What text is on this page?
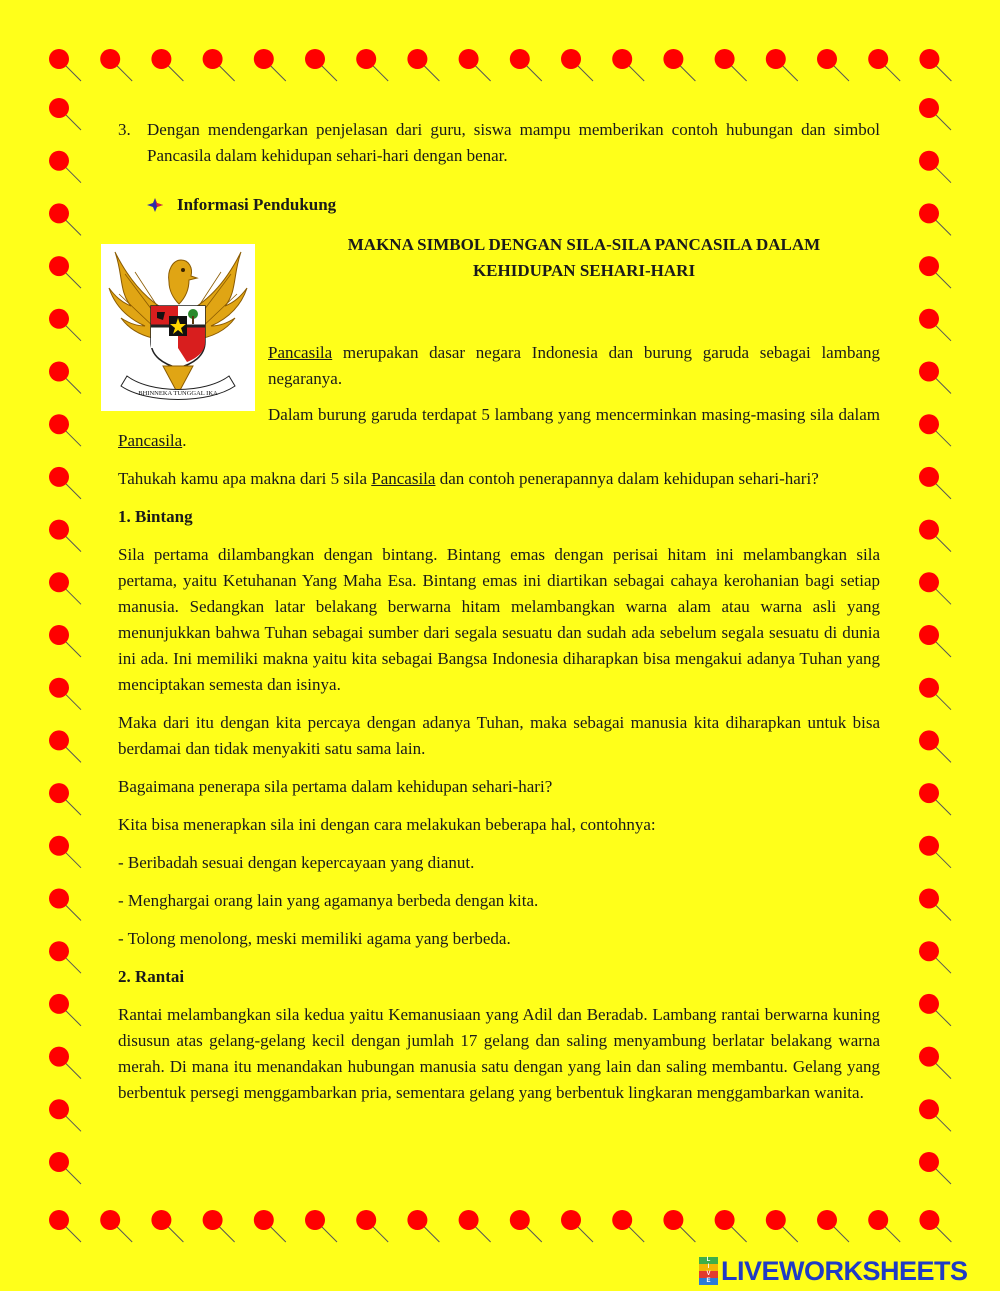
3. Dengan mendengarkan penjelasan dari guru, siswa mampu memberikan contoh hubungan dan simbol Pancasila dalam kehidupan sehari-hari dengan benar.
Informasi Pendukung
MAKNA SIMBOL DENGAN SILA-SILA PANCASILA DALAM
KEHIDUPAN SEHARI-HARI
BHINNEKA TUNGGAL IKA

Pancasila merupakan dasar negara Indonesia dan burung garuda sebagai lambang negaranya.

Dalam burung garuda terdapat 5 lambang yang mencerminkan masing-masing sila dalam Pancasila.

Tahukah kamu apa makna dari 5 sila Pancasila dan contoh penerapannya dalam kehidupan sehari-hari?

1. Bintang

Sila pertama dilambangkan dengan bintang. Bintang emas dengan perisai hitam ini melambangkan sila pertama, yaitu Ketuhanan Yang Maha Esa. Bintang emas ini diartikan sebagai cahaya kerohanian bagi setiap manusia. Sedangkan latar belakang berwarna hitam melambangkan warna alam atau warna asli yang menunjukkan bahwa Tuhan sebagai sumber dari segala sesuatu dan sudah ada sebelum segala sesuatu di dunia ini ada. Ini memiliki makna yaitu kita sebagai Bangsa Indonesia diharapkan bisa mengakui adanya Tuhan yang menciptakan semesta dan isinya.

Maka dari itu dengan kita percaya dengan adanya Tuhan, maka sebagai manusia kita diharapkan untuk bisa berdamai dan tidak menyakiti satu sama lain.

Bagaimana penerapa sila pertama dalam kehidupan sehari-hari?

Kita bisa menerapkan sila ini dengan cara melakukan beberapa hal, contohnya:

- Beribadah sesuai dengan kepercayaan yang dianut.

- Menghargai orang lain yang agamanya berbeda dengan kita.

- Tolong menolong, meski memiliki agama yang berbeda.

2. Rantai

Rantai melambangkan sila kedua yaitu Kemanusiaan yang Adil dan Beradab. Lambang rantai berwarna kuning disusun atas gelang-gelang kecil dengan jumlah 17 gelang dan saling menyambung berlatar belakang warna merah. Di mana itu menandakan hubungan manusia satu dengan yang lain dan saling membantu. Gelang yang berbentuk persegi menggambarkan pria, sementara gelang yang berbentuk lingkaran menggambarkan wanita.

L
I
V
E LIVEWORKSHEETS
